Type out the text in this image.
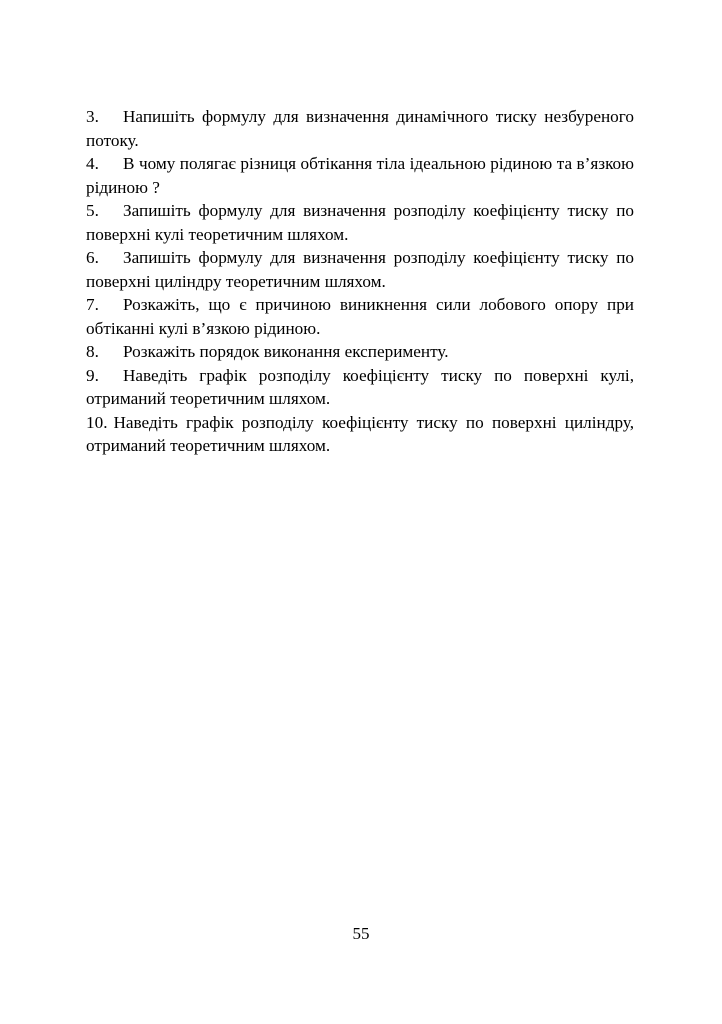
3. Напишіть формулу для визначення динамічного тиску незбуреного потоку.

4. В чому полягає різниця обтікання тіла ідеальною рідиною та в’язкою рідиною ?

5. Запишіть формулу для визначення розподілу коефіцієнту тиску по поверхні кулі теоретичним шляхом.

6. Запишіть формулу для визначення розподілу коефіцієнту тиску по поверхні циліндру теоретичним шляхом.

7. Розкажіть, що є причиною виникнення сили лобового опору при обтіканні кулі в’язкою рідиною.

8. Розкажіть порядок виконання експерименту.

9. Наведіть графік розподілу коефіцієнту тиску по поверхні кулі, отриманий теоретичним шляхом.

10. Наведіть графік розподілу коефіцієнту тиску по поверхні циліндру, отриманий теоретичним шляхом.

55
